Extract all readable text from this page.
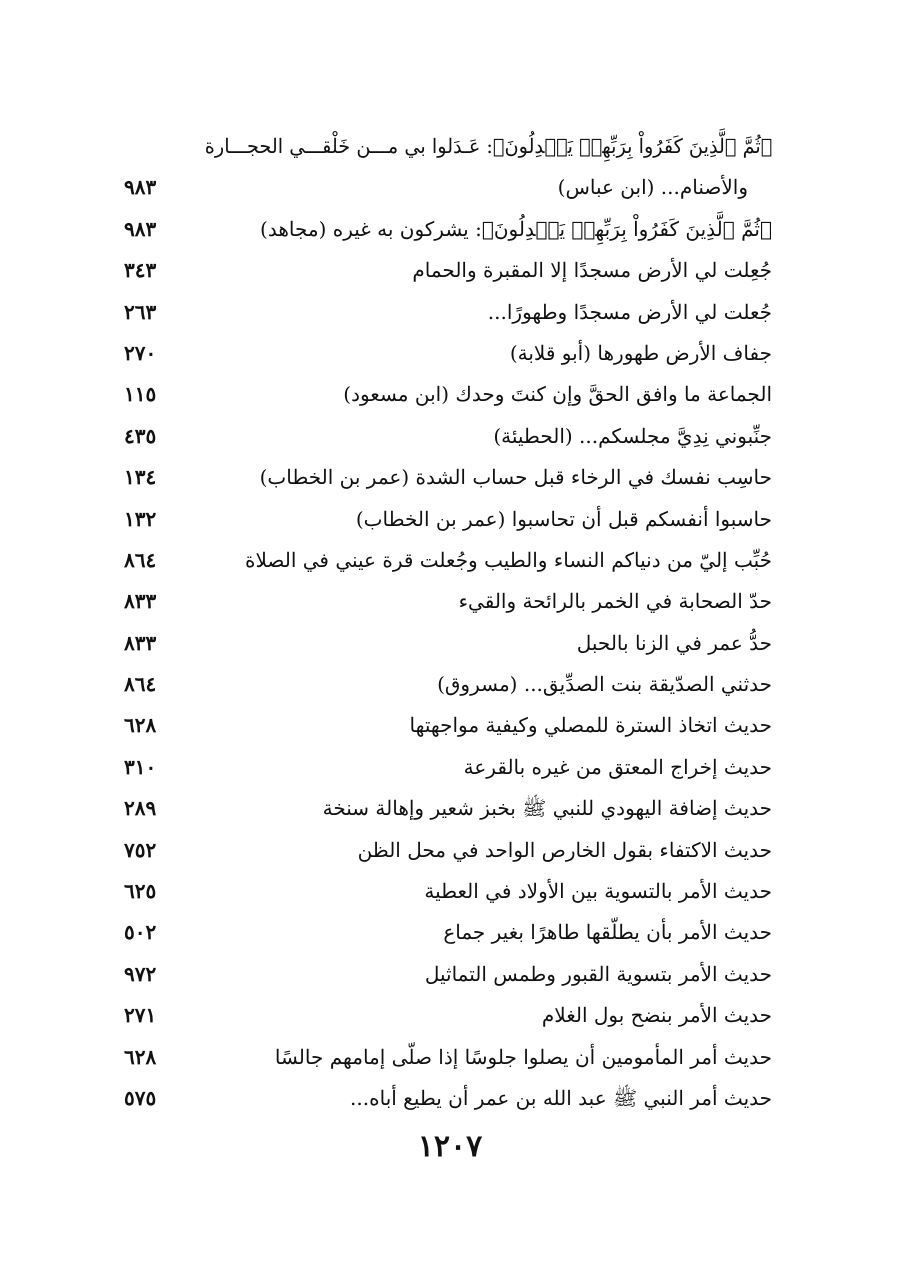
﴿ثُمَّ ٱلَّذِينَ كَفَرُواْ بِرَبِّهِمۡ يَعۡدِلُونَ﴾: عَـدَلوا بي مـــن خَلْقـــي الحجـــارة
والأصنام... (ابن عباس)
٩٨٣
﴿ثُمَّ ٱلَّذِينَ كَفَرُواْ بِرَبِّهِمۡ يَعۡدِلُونَ﴾: يشركون به غيره (مجاهد)
٩٨٣
جُعِلت لي الأرض مسجدًا إلا المقبرة والحمام
٣٤٣
جُعلت لي الأرض مسجدًا وطهورًا...
٢٦٣
جفاف الأرض طهورها (أبو قلابة)
٢٧٠
الجماعة ما وافق الحقَّ وإن كنتَ وحدك (ابن مسعود)
١١٥
جنِّبوني نِدِيَّ مجلسكم... (الحطيئة)
٤٣٥
حاسِب نفسك في الرخاء قبل حساب الشدة (عمر بن الخطاب)
١٣٤
حاسبوا أنفسكم قبل أن تحاسبوا (عمر بن الخطاب)
١٣٢
حُبِّب إليّ من دنياكم النساء والطيب وجُعلت قرة عيني في الصلاة
٨٦٤
حدّ الصحابة في الخمر بالرائحة والقيء
٨٣٣
حدُّ عمر في الزنا بالحبل
٨٣٣
حدثني الصدّيقة بنت الصدِّيق... (مسروق)
٨٦٤
حديث اتخاذ السترة للمصلي وكيفية مواجهتها
٦٢٨
حديث إخراج المعتق من غيره بالقرعة
٣١٠
حديث إضافة اليهودي للنبي ﷺ بخبز شعير وإهالة سنخة
٢٨٩
حديث الاكتفاء بقول الخارص الواحد في محل الظن
٧٥٢
حديث الأمر بالتسوية بين الأولاد في العطية
٦٢٥
حديث الأمر بأن يطلّقها طاهرًا بغير جماع
٥٠٢
حديث الأمر بتسوية القبور وطمس التماثيل
٩٧٢
حديث الأمر بنضح بول الغلام
٢٧١
حديث أمر المأمومين أن يصلوا جلوسًا إذا صلّى إمامهم جالسًا
٦٢٨
حديث أمر النبي ﷺ عبد الله بن عمر أن يطيع أباه...
٥٧٥
١٢٠٧
